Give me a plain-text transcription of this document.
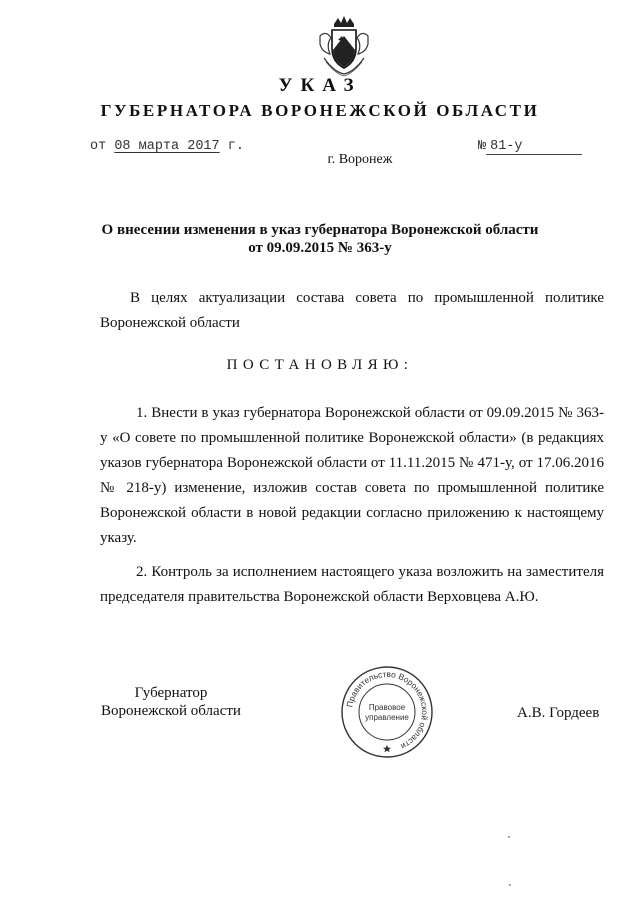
УКАЗ
ГУБЕРНАТОРА ВОРОНЕЖСКОЙ ОБЛАСТИ
от 08 марта 2017 г.	№ 81-у
г. Воронеж
О внесении изменения в указ губернатора Воронежской области
от 09.09.2015 № 363-у
В целях актуализации состава совета по промышленной политике Воронежской области
ПОСТАНОВЛЯЮ:
1. Внести в указ губернатора Воронежской области от 09.09.2015 № 363-у «О совете по промышленной политике Воронежской области» (в редакциях указов губернатора Воронежской области от 11.11.2015 № 471-у, от 17.06.2016 № 218-у) изменение, изложив состав совета по промышленной политике Воронежской области в новой редакции согласно приложению к настоящему указу.
2. Контроль за исполнением настоящего указа возложить на заместителя председателя правительства Воронежской области Верховцева А.Ю.
Губернатор
Воронежской области	Правительство Воронежской области
Правовое
управление	А.В. Гордеев
